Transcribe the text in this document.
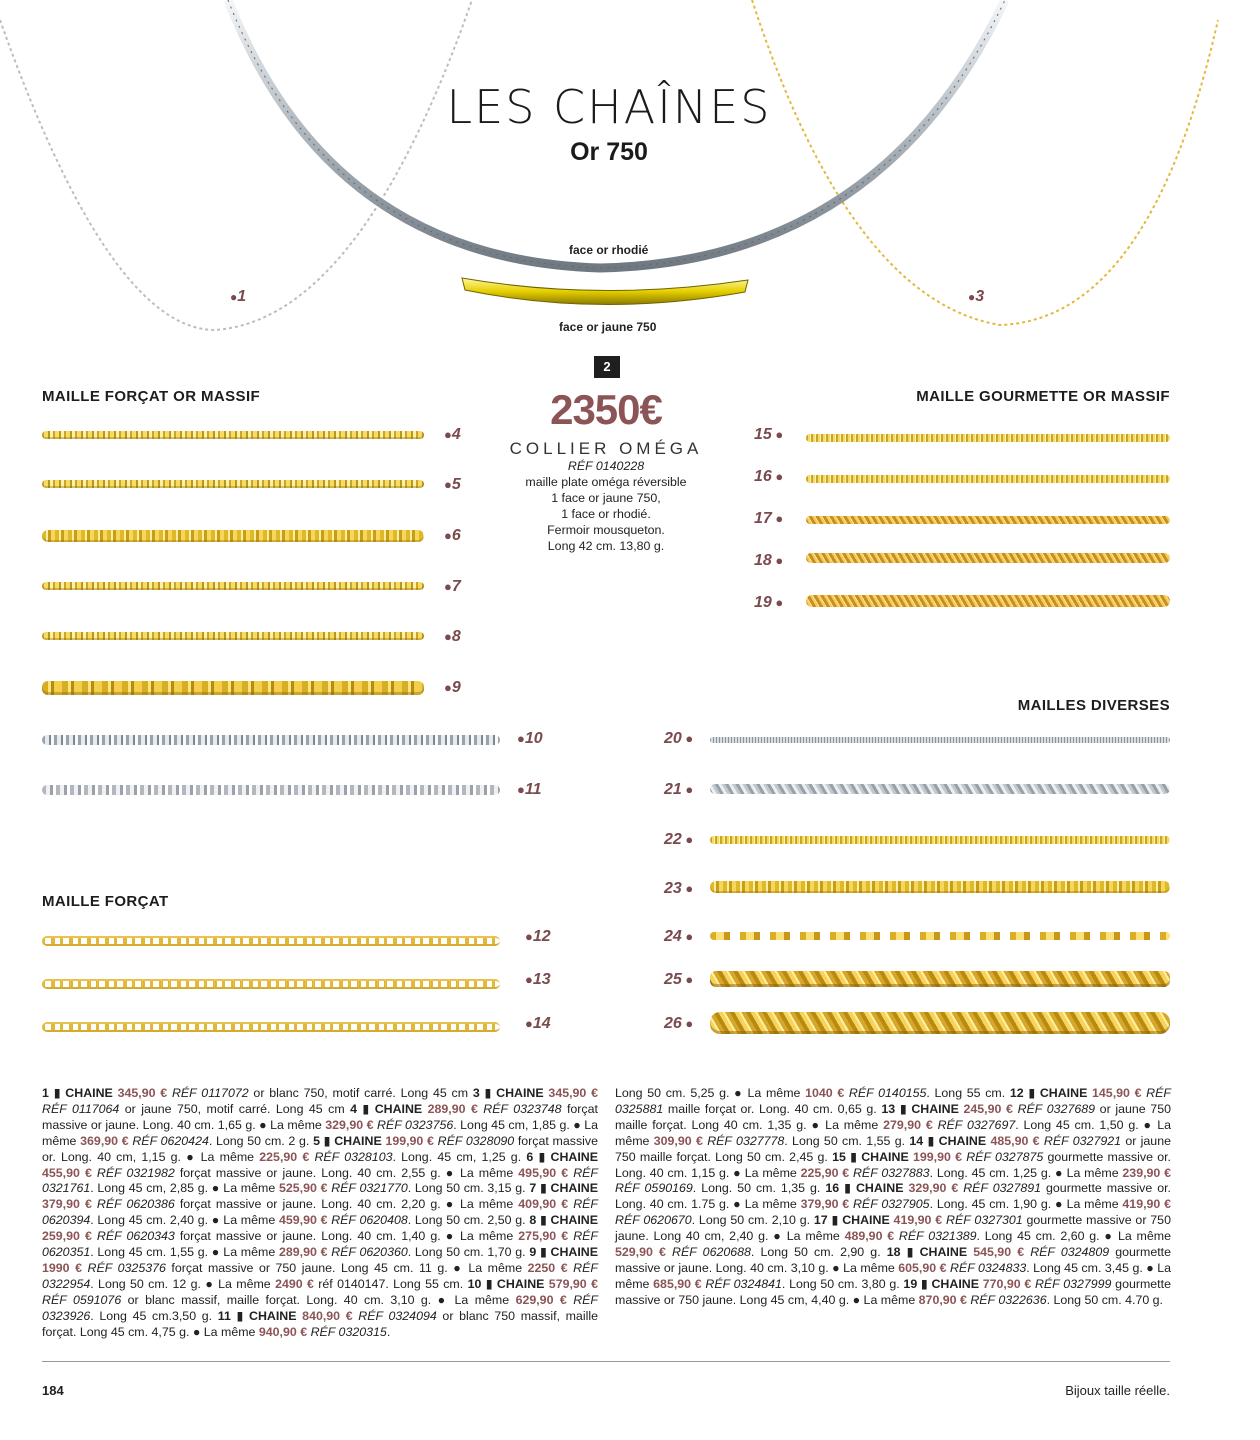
LES CHAÎNES
Or 750
face or rhodié
face or jaune 750
●1	●3
2
2350€
COLLIER OMÉGA
RÉF 0140228
maille plate oméga réversible
1 face or jaune 750,
1 face or rhodié.
Fermoir mousqueton.
Long 42 cm. 13,80 g.
MAILLE FORÇAT OR MASSIF	MAILLE GOURMETTE OR MASSIF
MAILLES DIVERSES
MAILLE FORÇAT
●4
●5
●6
●7
●8
●9
●10
●11
●12
●13
●14
15 ●
16 ●
17 ●
18 ●
19 ●
20 ●
21 ●
22 ●
23 ●
24 ●
25 ●
26 ●
1 ▮ CHAINE 345,90 € RÉF 0117072 or blanc 750, motif carré. Long 45 cm 3 ▮ CHAINE 345,90 € RÉF 0117064 or jaune 750, motif carré. Long 45 cm 4 ▮ CHAINE 289,90 € RÉF 0323748 forçat massive or jaune. Long. 40 cm. 1,65 g. ● La même 329,90 € RÉF 0323756. Long 45 cm, 1,85 g. ● La même 369,90 € RÉF 0620424. Long 50 cm. 2 g. 5 ▮ CHAINE 199,90 € RÉF 0328090 forçat massive or. Long. 40 cm, 1,15 g. ● La même 225,90 € RÉF 0328103. Long. 45 cm, 1,25 g. 6 ▮ CHAINE 455,90 € RÉF 0321982 forçat massive or jaune. Long. 40 cm. 2,55 g. ● La même 495,90 € RÉF 0321761. Long 45 cm, 2,85 g. ● La même 525,90 € RÉF 0321770. Long 50 cm. 3,15 g. 7 ▮ CHAINE 379,90 € RÉF 0620386 forçat massive or jaune. Long. 40 cm. 2,20 g. ● La même 409,90 € RÉF 0620394. Long 45 cm. 2,40 g. ● La même 459,90 € RÉF 0620408. Long 50 cm. 2,50 g. 8 ▮ CHAINE 259,90 € RÉF 0620343 forçat massive or jaune. Long. 40 cm. 1,40 g. ● La même 275,90 € RÉF 0620351. Long 45 cm. 1,55 g. ● La même 289,90 € RÉF 0620360. Long 50 cm. 1,70 g. 9 ▮ CHAINE 1990 € RÉF 0325376 forçat massive or 750 jaune. Long 45 cm. 11 g. ● La même 2250 € RÉF 0322954. Long 50 cm. 12 g. ● La même 2490 € réf 0140147. Long 55 cm. 10 ▮ CHAINE 579,90 € RÉF 0591076 or blanc massif, maille forçat. Long. 40 cm. 3,10 g. ● La même 629,90 € RÉF 0323926. Long 45 cm.3,50 g. 11 ▮ CHAINE 840,90 € RÉF 0324094 or blanc 750 massif, maille forçat. Long 45 cm. 4,75 g. ● La même 940,90 € RÉF 0320315.
Long 50 cm. 5,25 g. ● La même 1040 € RÉF 0140155. Long 55 cm. 12 ▮ CHAINE 145,90 € RÉF 0325881 maille forçat or. Long. 40 cm. 0,65 g. 13 ▮ CHAINE 245,90 € RÉF 0327689 or jaune 750 maille forçat. Long 40 cm. 1,35 g. ● La même 279,90 € RÉF 0327697. Long 45 cm. 1,50 g. ● La même 309,90 € RÉF 0327778. Long 50 cm. 1,55 g. 14 ▮ CHAINE 485,90 € RÉF 0327921 or jaune 750 maille forçat. Long 50 cm. 2,45 g. 15 ▮ CHAINE 199,90 € RÉF 0327875 gourmette massive or. Long. 40 cm. 1,15 g. ● La même 225,90 € RÉF 0327883. Long. 45 cm. 1,25 g. ● La même 239,90 € RÉF 0590169. Long. 50 cm. 1,35 g. 16 ▮ CHAINE 329,90 € RÉF 0327891 gourmette massive or. Long. 40 cm. 1.75 g. ● La même 379,90 € RÉF 0327905. Long. 45 cm. 1,90 g. ● La même 419,90 € RÉF 0620670. Long 50 cm. 2,10 g. 17 ▮ CHAINE 419,90 € RÉF 0327301 gourmette massive or 750 jaune. Long 40 cm, 2,40 g. ● La même 489,90 € RÉF 0321389. Long 45 cm. 2,60 g. ● La même 529,90 € RÉF 0620688. Long 50 cm. 2,90 g. 18 ▮ CHAINE 545,90 € RÉF 0324809 gourmette massive or jaune. Long. 40 cm. 3,10 g. ● La même 605,90 € RÉF 0324833. Long 45 cm. 3,45 g. ● La même 685,90 € RÉF 0324841. Long 50 cm. 3,80 g. 19 ▮ CHAINE 770,90 € RÉF 0327999 gourmette massive or 750 jaune. Long 45 cm, 4,40 g. ● La même 870,90 € RÉF 0322636. Long 50 cm. 4.70 g.
184	Bijoux taille réelle.
